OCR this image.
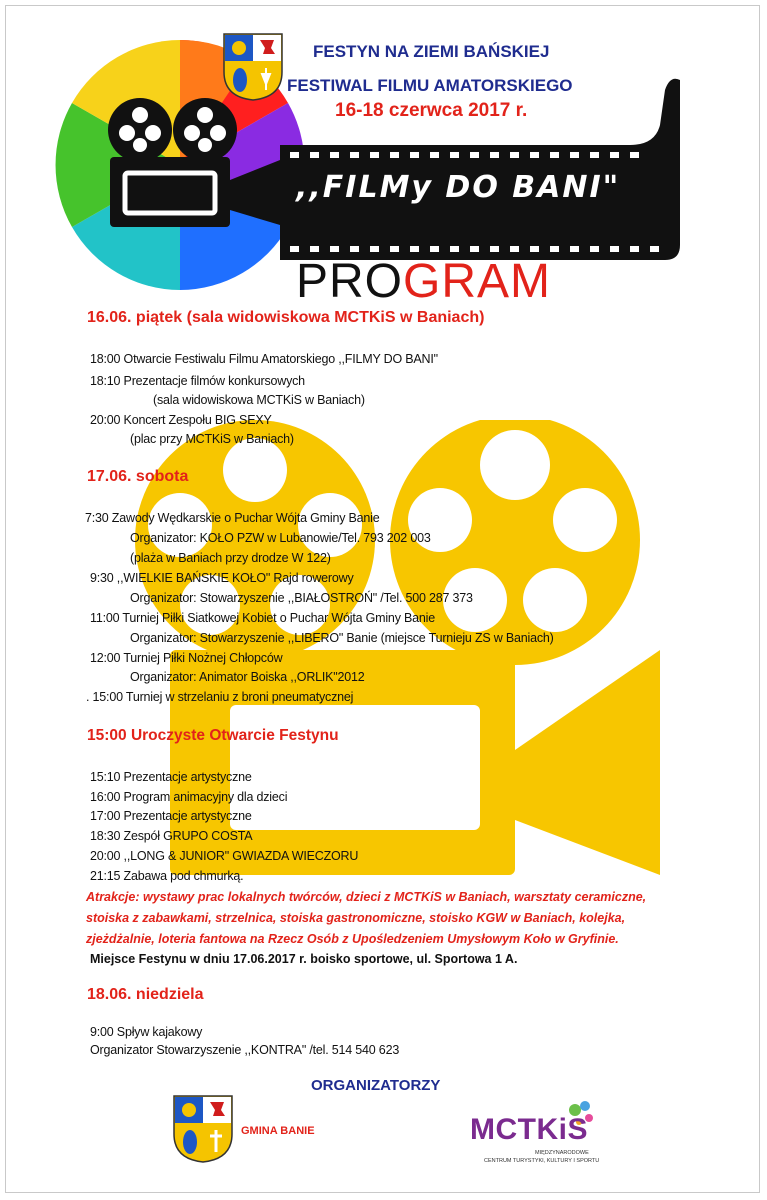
FESTYN NA ZIEMI BAŃSKIEJ
FESTIWAL FILMU AMATORSKIEGO
16-18 czerwca 2017 r.
,,FILMy DO BANI"
PROGRAM
16.06. piątek (sala widowiskowa MCTKiS w Baniach)
18:00 Otwarcie Festiwalu Filmu Amatorskiego ,,FILMY DO BANI"
18:10 Prezentacje filmów konkursowych
(sala widowiskowa MCTKiS w Baniach)
20:00 Koncert Zespołu BIG SEXY
(plac przy MCTKiS w Baniach)
17.06. sobota
7:30 Zawody Wędkarskie o Puchar Wójta Gminy Banie
Organizator: KOŁO PZW w Lubanowie/Tel. 793 202 003
(plaża w Baniach przy drodze W 122)
9:30 ,,WIELKIE BAŃSKIE KOŁO" Rajd rowerowy
Organizator: Stowarzyszenie ,,BIAŁOSTROŃ" /Tel. 500 287 373
11:00 Turniej Piłki Siatkowej Kobiet o Puchar Wójta Gminy Banie
Organizator: Stowarzyszenie ,,LIBERO" Banie (miejsce Turnieju ZS w Baniach)
12:00 Turniej Piłki Nożnej Chłopców
Organizator: Animator Boiska ,,ORLIK"2012
. 15:00 Turniej w strzelaniu z broni pneumatycznej
15:00 Uroczyste Otwarcie Festynu
15:10 Prezentacje artystyczne
16:00 Program animacyjny dla dzieci
17:00 Prezentacje artystyczne
18:30 Zespół GRUPO COSTA
20:00 ,,LONG & JUNIOR" GWIAZDA WIECZORU
21:15 Zabawa pod chmurką.
Atrakcje: wystawy prac lokalnych twórców, dzieci z MCTKiS w Baniach, warsztaty ceramiczne,
stoiska z zabawkami, strzelnica, stoiska gastronomiczne, stoisko KGW w Baniach, kolejka,
zjeżdżalnie, loteria fantowa na Rzecz Osób z Upośledzeniem Umysłowym Koło w Gryfinie.
Miejsce Festynu w dniu 17.06.2017 r. boisko sportowe, ul. Sportowa 1 A.
18.06. niedziela
9:00 Spływ kajakowy
Organizator Stowarzyszenie ,,KONTRA" /tel. 514 540 623
ORGANIZATORZY
GMINA BANIE	MCTKiS
MIĘDZYNARODOWE
CENTRUM TURYSTYKI, KULTURY I SPORTU
